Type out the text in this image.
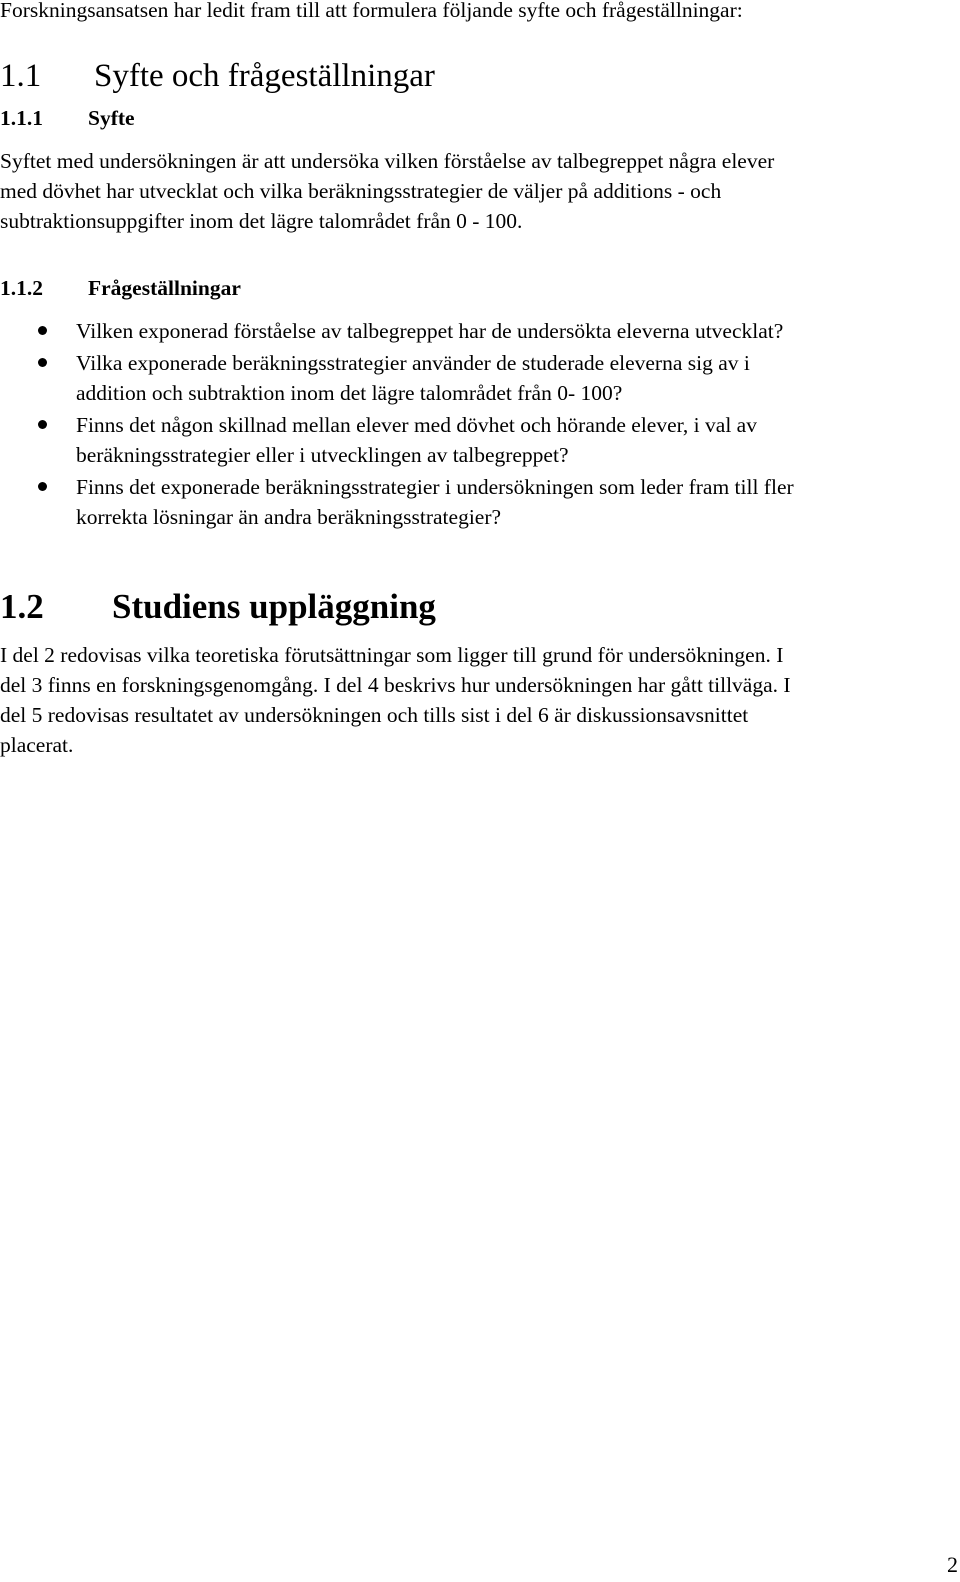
Forskningsansatsen har ledit fram till att formulera följande syfte och frågeställningar:

1.1	Syfte och frågeställningar
1.1.1	Syfte

Syftet med undersökningen är att undersöka vilken förståelse av talbegreppet några elever
med dövhet har utvecklat och vilka beräkningsstrategier de väljer på additions - och
subtraktionsuppgifter inom det lägre talområdet från 0 - 100.

1.1.2	Frågeställningar
Vilken exponerad förståelse av talbegreppet har de undersökta eleverna utvecklat?
Vilka exponerade beräkningsstrategier använder de studerade eleverna sig av i
addition och subtraktion inom det lägre talområdet från 0- 100?
Finns det någon skillnad mellan elever med dövhet och hörande elever, i val av
beräkningsstrategier eller i utvecklingen av talbegreppet?
Finns det exponerade beräkningsstrategier i undersökningen som leder fram till fler
korrekta lösningar än andra beräkningsstrategier?
1.2	Studiens uppläggning

I del 2 redovisas vilka teoretiska förutsättningar som ligger till grund för undersökningen. I
del 3 finns en forskningsgenomgång. I del 4 beskrivs hur undersökningen har gått tillväga. I
del 5 redovisas resultatet av undersökningen och tills sist i del 6 är diskussionsavsnittet
placerat.

2
